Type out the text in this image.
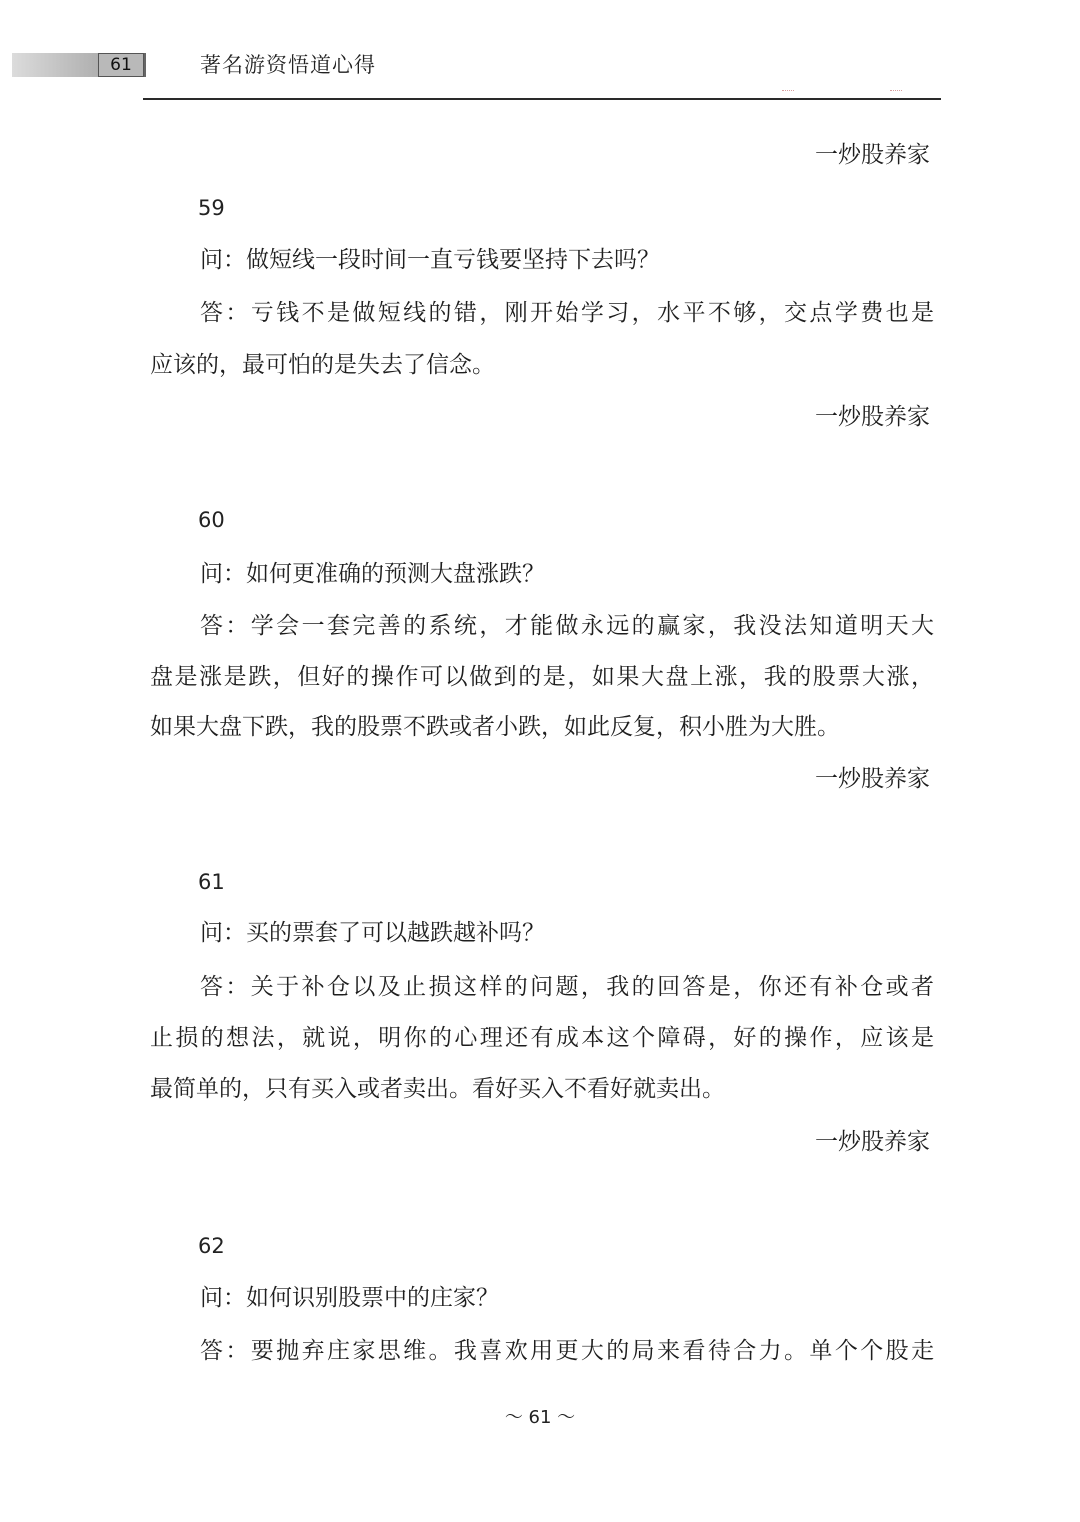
61	著名游资悟道心得
一炒股养家
59
问：做短线一段时间一直亏钱要坚持下去吗？
答：亏钱不是做短线的错，刚开始学习，水平不够，交点学费也是
应该的，最可怕的是失去了信念。
一炒股养家
60
问：如何更准确的预测大盘涨跌？
答：学会一套完善的系统，才能做永远的赢家，我没法知道明天大
盘是涨是跌，但好的操作可以做到的是，如果大盘上涨，我的股票大涨，
如果大盘下跌，我的股票不跌或者小跌，如此反复，积小胜为大胜。
一炒股养家
61
问：买的票套了可以越跌越补吗？
答：关于补仓以及止损这样的问题，我的回答是，你还有补仓或者
止损的想法，就说，明你的心理还有成本这个障碍，好的操作，应该是
最简单的，只有买入或者卖出。看好买入不看好就卖出。
一炒股养家
62
问：如何识别股票中的庄家？
答：要抛弃庄家思维。我喜欢用更大的局来看待合力。单个个股走
～ 61 ～
